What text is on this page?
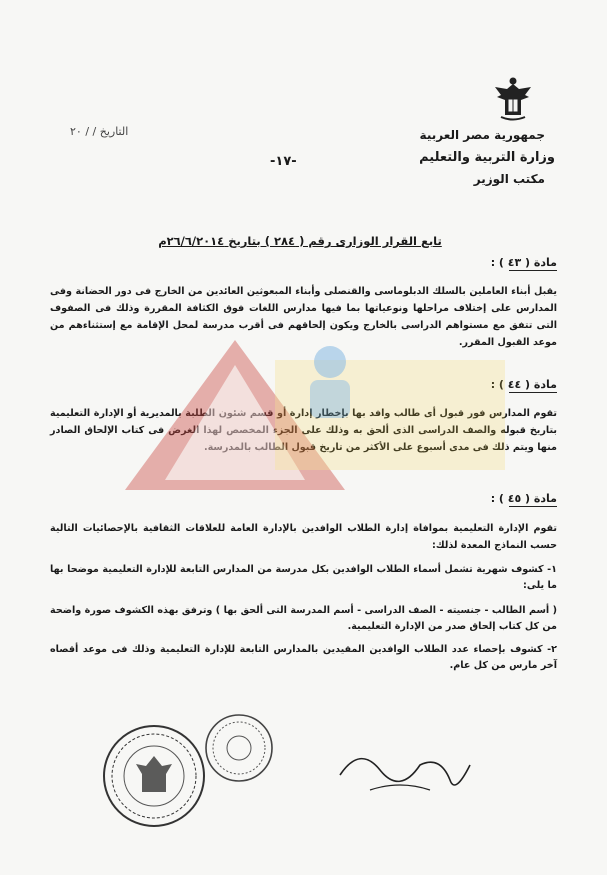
جمهورية مصر العربية
وزارة التربية والتعليم
مكتب الوزير
التاريخ / / ٢٠
-١٧-
تابع القرار الوزارى رقم ( ٢٨٤ ) بتاريخ ٢٦/٦/٢٠١٤م
مادة ( ٤٣ ) :
يقبل أبناء العاملين بالسلك الدبلوماسى والقنصلى وأبناء المبعوثين العائدين من الخارج فى دور الحضانة وفى المدارس على إختلاف مراحلها ونوعياتها بما فيها مدارس اللغات فوق الكثافة المقررة وذلك فى الصفوف التى تتفق مع مستواهم الدراسى بالخارج ويكون إلحاقهم فى أقرب مدرسة لمحل الإقامة مع إستثناءهم من موعد القبول المقرر.
مادة ( ٤٤ ) :
تقوم المدارس فور قبول أى طالب وافد بها بإخطار إدارة أو قسم شئون الطلبة بالمديرية أو الإدارة التعليمية بتاريخ قبوله والصف الدراسى الذى ألحق به وذلك على الجزء المخصص لهذا الغرض فى كتاب الإلحاق الصادر منها ويتم ذلك فى مدى أسبوع على الأكثر من تاريخ قبول الطالب بالمدرسة.
مادة ( ٤٥ ) :
تقوم الإدارة التعليمية بموافاة إدارة الطلاب الوافدين بالإدارة العامة للعلاقات الثقافية بالإحصائيات التالية حسب النماذج المعدة لذلك:
١- كشوف شهرية تشمل أسماء الطلاب الوافدين بكل مدرسة من المدارس التابعة للإدارة التعليمية موضحا بها ما يلى:
( أسم الطالب - جنسيته - الصف الدراسى - أسم المدرسة التى ألحق بها ) وترفق بهذه الكشوف صورة واضحة من كل كتاب إلحاق صدر من الإدارة التعليمية.
٢- كشوف بإحصاء عدد الطلاب الوافدين المقيدين بالمدارس التابعة للإدارة التعليمية وذلك فى موعد أقصاه آخر مارس من كل عام.
